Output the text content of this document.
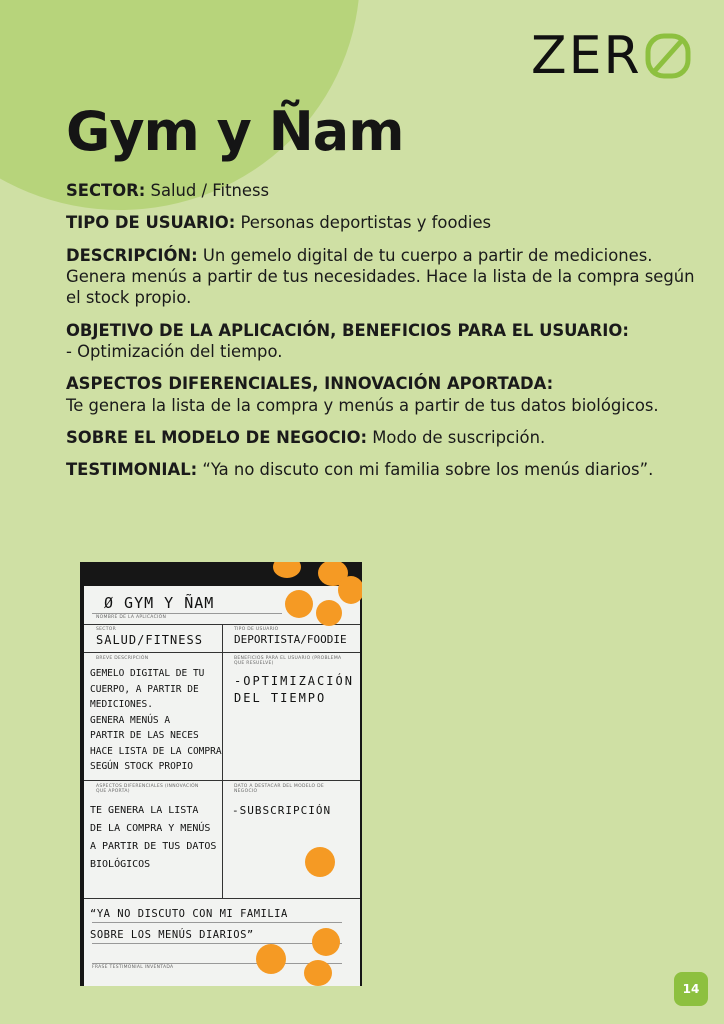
ZER
Gym y Ñam

SECTOR: Salud / Fitness

TIPO DE USUARIO: Personas deportistas y foodies

DESCRIPCIÓN: Un gemelo digital de tu cuerpo a partir de mediciones. Genera menús a partir de tus necesidades. Hace la lista de la compra según el stock propio.

OBJETIVO DE LA APLICACIÓN, BENEFICIOS PARA EL USUARIO:
- Optimización del tiempo.

ASPECTOS DIFERENCIALES, INNOVACIÓN APORTADA:
Te genera la lista de la compra y menús a partir de tus datos biológicos.

SOBRE EL MODELO DE NEGOCIO: Modo de suscripción.

TESTIMONIAL: “Ya no discuto con mi familia sobre los menús diarios”.

Ø GYM Y ÑAM
NOMBRE DE LA APLICACIÓN
SECTOR
SALUD/FITNESS
TIPO DE USUARIO
DEPORTISTA/FOODIE
BREVE DESCRIPCIÓN
GEMELO DIGITAL DE TU
CUERPO, A PARTIR DE
MEDICIONES.
GENERA MENÚS A
PARTIR DE LAS NECES
HACE LISTA DE LA COMPRA
SEGÚN STOCK PROPIO
BENEFICIOS PARA EL USUARIO (PROBLEMA QUE RESUELVE)
-OPTIMIZACIÓN
DEL TIEMPO
ASPECTOS DIFERENCIALES (INNOVACIÓN QUE APORTA)
TE GENERA LA LISTA
DE LA COMPRA Y MENÚS
A PARTIR DE TUS DATOS
BIOLÓGICOS
DATO A DESTACAR DEL MODELO DE NEGOCIO
-SUBSCRIPCIÓN
“YA NO DISCUTO CON MI FAMILIA
SOBRE LOS MENÚS DIARIOS”
FRASE TESTIMONIAL INVENTADA
14
